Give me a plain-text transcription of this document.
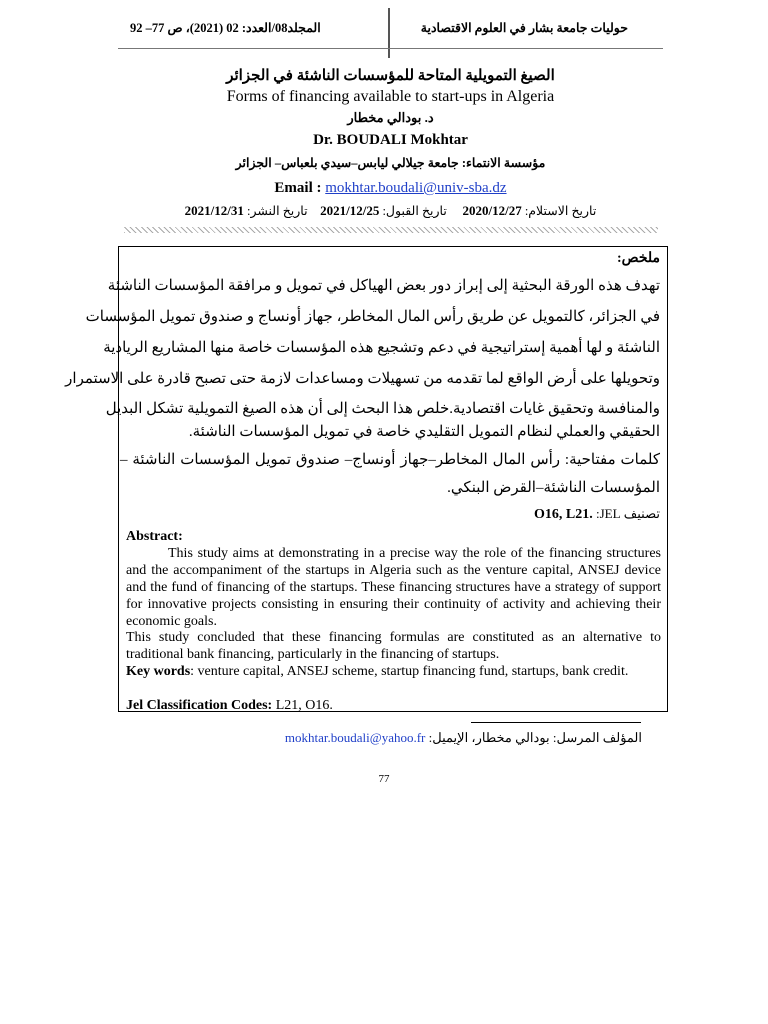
حوليات جامعة بشار في العلوم الاقتصادية
المجلد08/العدد: 02 (2021)، ص 77– 92
الصيغ التمويلية المتاحة للمؤسسات الناشئة في الجزائر
Forms of financing available to start-ups in Algeria
د. بودالي مخطار
Dr. BOUDALI Mokhtar
مؤسسة الانتماء: جامعة جيلالي ليابس–سيدي بلعباس– الجزائر
Email : mokhtar.boudali@univ-sba.dz
تاريخ الاستلام: 2020/12/27     تاريخ القبول: 2021/12/25    تاريخ النشر: 2021/12/31
ملخص:
تهدف هذه الورقة البحثية إلى إبراز دور بعض الهياكل في تمويل و مرافقة المؤسسات الناشئة
في الجزائر، كالتمويل عن طريق رأس المال المخاطر، جهاز أونساج و صندوق تمويل المؤسسات
الناشئة و لها أهمية إستراتيجية في دعم وتشجيع هذه المؤسسات خاصة منها المشاريع الريادية
وتحويلها على أرض الواقع لما تقدمه من تسهيلات ومساعدات لازمة حتى تصبح قادرة على الاستمرار
والمنافسة وتحقيق غايات اقتصادية.خلص هذا البحث إلى أن هذه الصيغ التمويلية تشكل البديل
الحقيقي والعملي لنظام التمويل التقليدي خاصة في تمويل المؤسسات الناشئة.
كلمات مفتاحية: رأس المال المخاطر–جهاز أونساج– صندوق تمويل المؤسسات الناشئة –
المؤسسات الناشئة–القرض البنكي.
تصنيف JEL: O16, L21.
Abstract:
This study aims at demonstrating in a precise way the role of the financing structures and the accompaniment of the startups in Algeria such as the venture capital, ANSEJ device and the fund of financing of the startups. These financing structures have a strategy of support for innovative projects consisting in ensuring their continuity of activity and achieving their economic goals.
This study concluded that these financing formulas are constituted as an alternative to traditional bank financing, particularly in the financing of startups.
Key words: venture capital, ANSEJ scheme, startup financing fund, startups, bank credit.
Jel Classification Codes: L21, O16.
المؤلف المرسل: بودالي مخطار، الإيميل: mokhtar.boudali@yahoo.fr
77
